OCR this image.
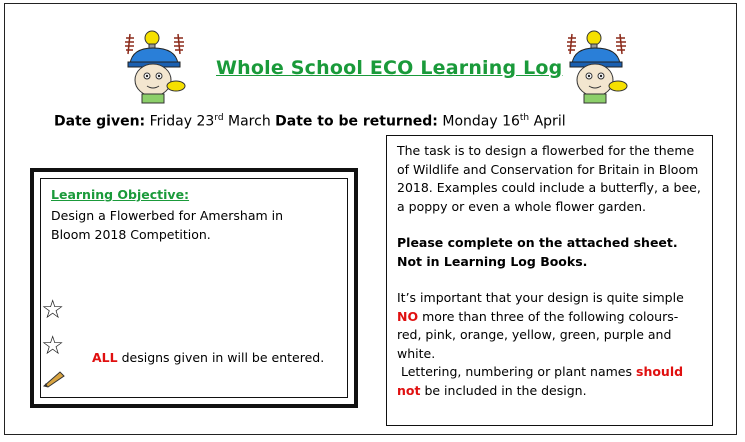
Whole School ECO Learning Log
Date given: Friday 23rd March Date to be returned: Monday 16th April
Learning Objective:
Design a Flowerbed for Amersham in Bloom 2018 Competition.
☆
☆ ALL designs given in will be entered.

The task is to design a flowerbed for the theme of Wildlife and Conservation for Britain in Bloom 2018. Examples could include a butterfly, a bee, a poppy or even a whole flower garden.

Please complete on the attached sheet. Not in Learning Log Books.

It’s important that your design is quite simple NO more than three of the following colours- red, pink, orange, yellow, green, purple and white.
Lettering, numbering or plant names should not be included in the design.
